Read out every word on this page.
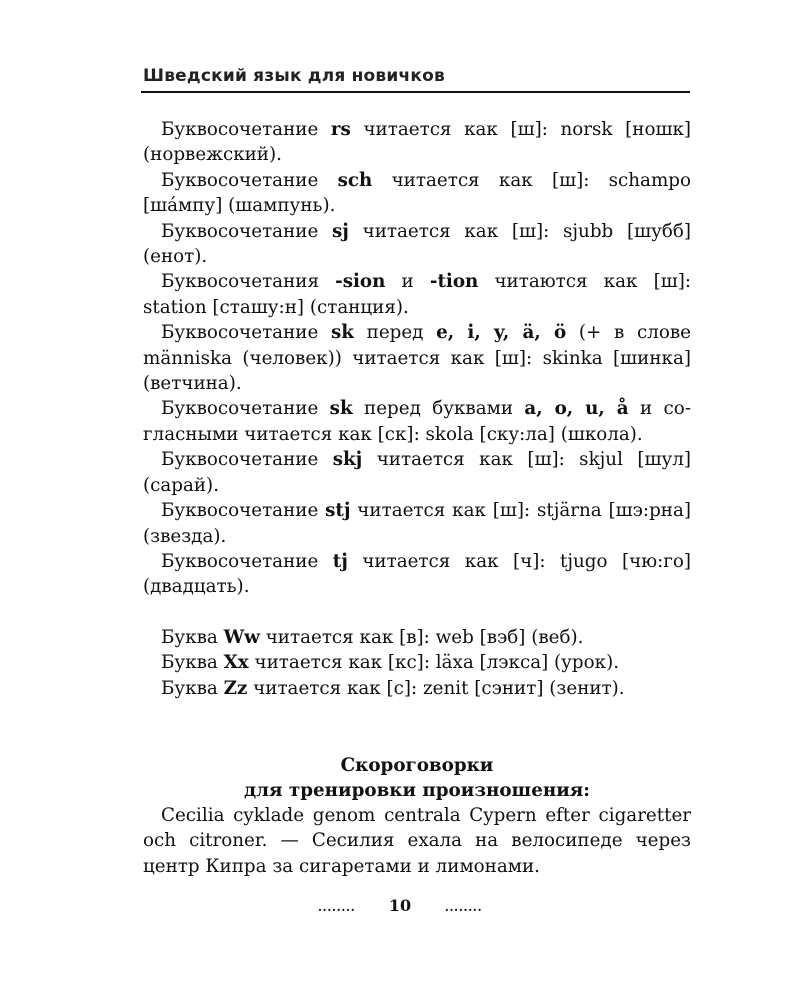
Шведский язык для новичков

Буквосочетание rs читается как [ш]: norsk [ношк] (норвежский).

Буквосочетание sch читается как [ш]: schampo [ша́мпу] (шампунь).

Буквосочетание sj читается как [ш]: sjubb [шубб] (енот).

Буквосочетания -sion и -tion читаются как [ш]: station [сташу:н] (станция).

Буквосочетание sk перед e, i, y, ä, ö (+ в слове människa (человек)) читается как [ш]: skinka [шинка] (ветчина).

Буквосочетание sk перед буквами a, o, u, å и согласными читается как [ск]: skola [ску:ла] (школа).

Буквосочетание skj читается как [ш]: skjul [шул] (сарай).

Буквосочетание stj читается как [ш]: stjärna [шэ:рна] (звезда).

Буквосочетание tj читается как [ч]: tjugo [чю:го] (двадцать).

Буква Ww читается как [в]: web [вэб] (веб).

Буква Xx читается как [кс]: läxa [лэкса] (урок).

Буква Zz читается как [с]: zenit [сэнит] (зенит).

Скороговорки

для тренировки произношения:

Cecilia cyklade genom centrala Cypern efter cigaretter och citroner. — Сесилия ехала на велосипеде через центр Кипра за сигаретами и лимонами.

........ 10	........
